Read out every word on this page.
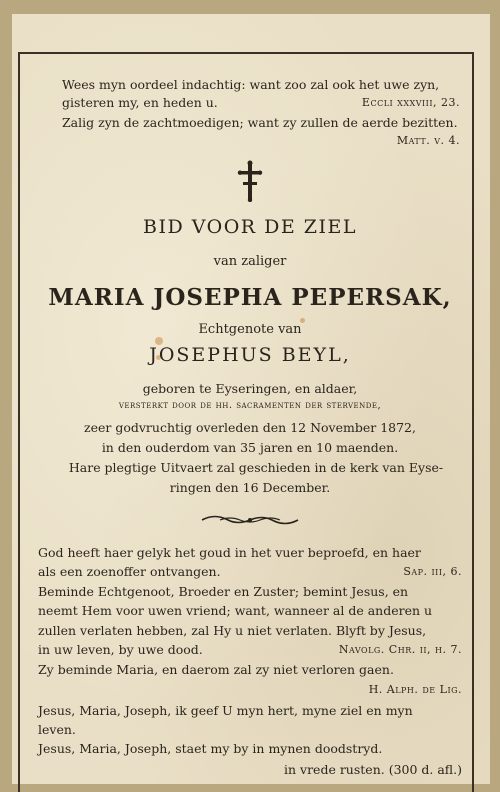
Wees myn oordeel indachtig: want zoo zal ook het uwe zyn,
gisteren my, en heden u.	Eccli xxxviii, 23.
Zalig zyn de zachtmoedigen; want zy zullen de aerde bezitten.
Matt. v. 4.
BID VOOR DE ZIEL
van zaliger
MARIA JOSEPHA PEPERSAK,
Echtgenote van
JOSEPHUS BEYL,
geboren te Eyseringen, en aldaer,
versterkt door de hh. sacramenten der stervende,
zeer godvruchtig overleden den 12 November 1872,
in den ouderdom van 35 jaren en 10 maenden.
Hare plegtige Uitvaert zal geschieden in de kerk van Eyse-
ringen den 16 December.
God heeft haer gelyk het goud in het vuer beproefd, en haer
als een zoenoffer ontvangen.	Sap. iii, 6.
Beminde Echtgenoot, Broeder en Zuster; bemint Jesus, en
neemt Hem voor uwen vriend; want, wanneer al de anderen u
zullen verlaten hebben, zal Hy u niet verlaten. Blyft by Jesus,
in uw leven, by uwe dood.	Navolg. Chr. ii, h. 7.
Zy beminde Maria, en daerom zal zy niet verloren gaen.
H. Alph. de Lig.
Jesus, Maria, Joseph, ik geef U myn hert, myne ziel en myn
leven.
Jesus, Maria, Joseph, staet my by in mynen doodstryd.
in vrede rusten. (300 d. afl.)
